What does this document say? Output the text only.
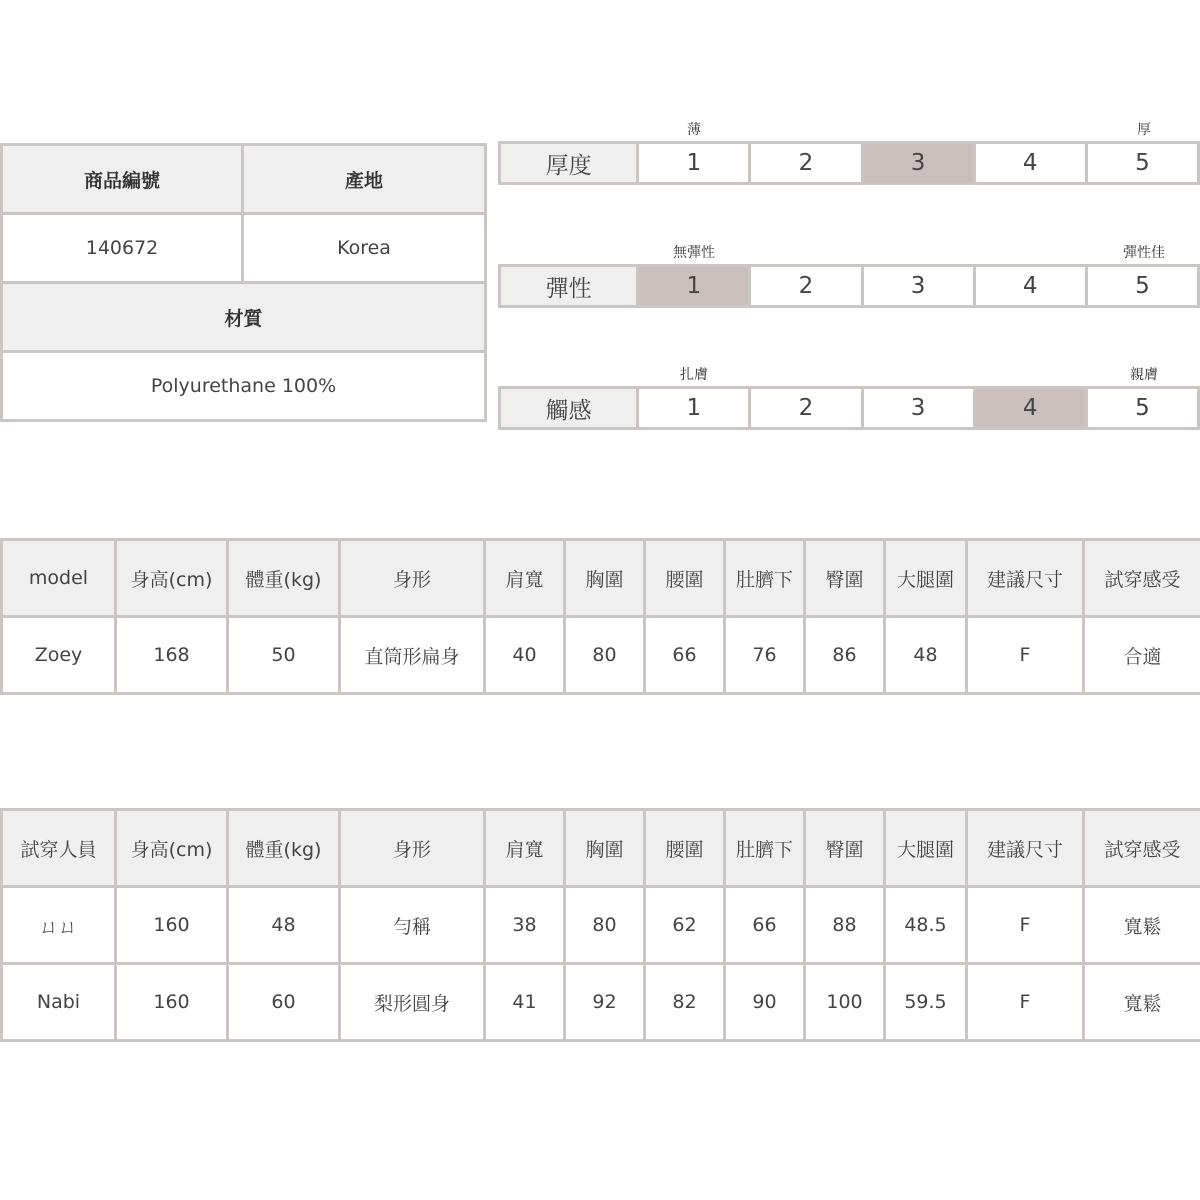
商品編號	產地
140672	Korea
材質	
Polyurethane 100%	
薄	厚
厚度	1	2	3	4	5
無彈性	彈性佳
彈性	1	2	3	4	5
扎膚	親膚
觸感	1	2	3	4	5
model	身高(cm)	體重(kg)	身形	肩寬	胸圍	腰圍	肚臍下	臀圍	大腿圍	建議尺寸	試穿感受
Zoey	168	50	直筒形扁身	40	80	66	76	86	48	F	合適
試穿人員	身高(cm)	體重(kg)	身形	肩寬	胸圍	腰圍	肚臍下	臀圍	大腿圍	建議尺寸	試穿感受
ㄩㄩ	160	48	勻稱	38	80	62	66	88	48.5	F	寬鬆
Nabi	160	60	梨形圓身	41	92	82	90	100	59.5	F	寬鬆
